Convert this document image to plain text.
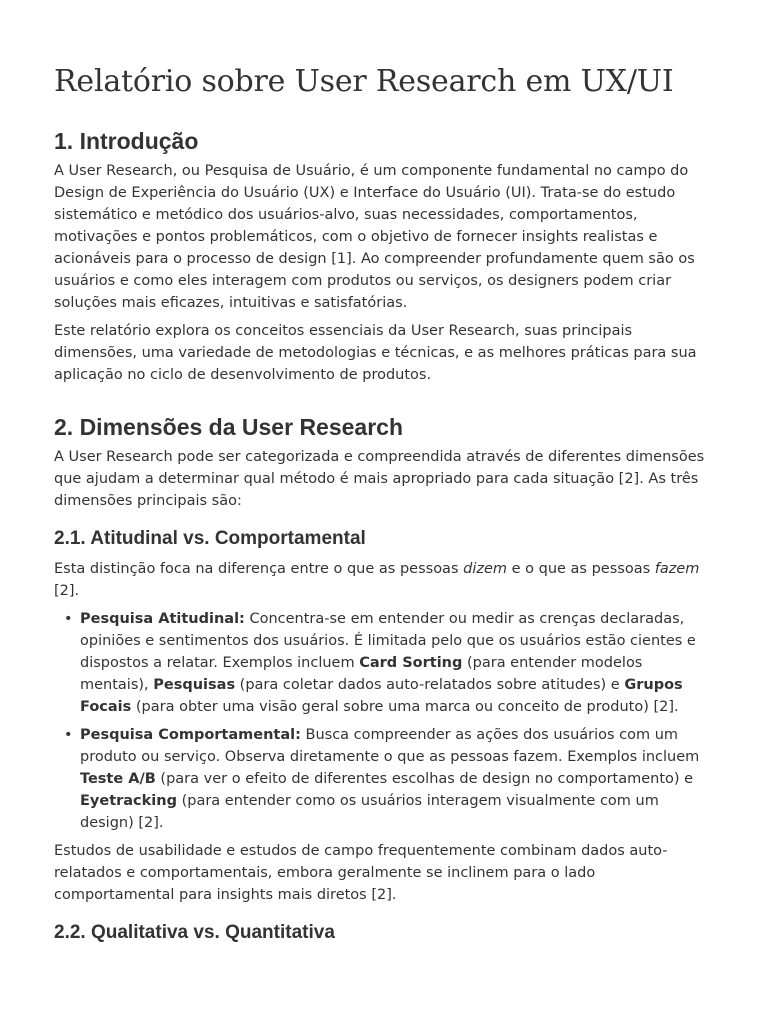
Relatório sobre User Research em UX/UI
1. Introdução

A User Research, ou Pesquisa de Usuário, é um componente fundamental no campo do Design de Experiência do Usuário (UX) e Interface do Usuário (UI). Trata-se do estudo sistemático e metódico dos usuários-alvo, suas necessidades, comportamentos, motivações e pontos problemáticos, com o objetivo de fornecer insights realistas e acionáveis para o processo de design [1]. Ao compreender profundamente quem são os usuários e como eles interagem com produtos ou serviços, os designers podem criar soluções mais eficazes, intuitivas e satisfatórias.

Este relatório explora os conceitos essenciais da User Research, suas principais dimensões, uma variedade de metodologias e técnicas, e as melhores práticas para sua aplicação no ciclo de desenvolvimento de produtos.

2. Dimensões da User Research

A User Research pode ser categorizada e compreendida através de diferentes dimensões que ajudam a determinar qual método é mais apropriado para cada situação [2]. As três dimensões principais são:

2.1. Atitudinal vs. Comportamental

Esta distinção foca na diferença entre o que as pessoas dizem e o que as pessoas fazem [2].

• Pesquisa Atitudinal: Concentra-se em entender ou medir as crenças declaradas, opiniões e sentimentos dos usuários. É limitada pelo que os usuários estão cientes e dispostos a relatar. Exemplos incluem Card Sorting (para entender modelos mentais), Pesquisas (para coletar dados auto-relatados sobre atitudes) e Grupos Focais (para obter uma visão geral sobre uma marca ou conceito de produto) [2].
• Pesquisa Comportamental: Busca compreender as ações dos usuários com um produto ou serviço. Observa diretamente o que as pessoas fazem. Exemplos incluem Teste A/B (para ver o efeito de diferentes escolhas de design no comportamento) e Eyetracking (para entender como os usuários interagem visualmente com um design) [2].

Estudos de usabilidade e estudos de campo frequentemente combinam dados auto-relatados e comportamentais, embora geralmente se inclinem para o lado comportamental para insights mais diretos [2].

2.2. Qualitativa vs. Quantitativa
